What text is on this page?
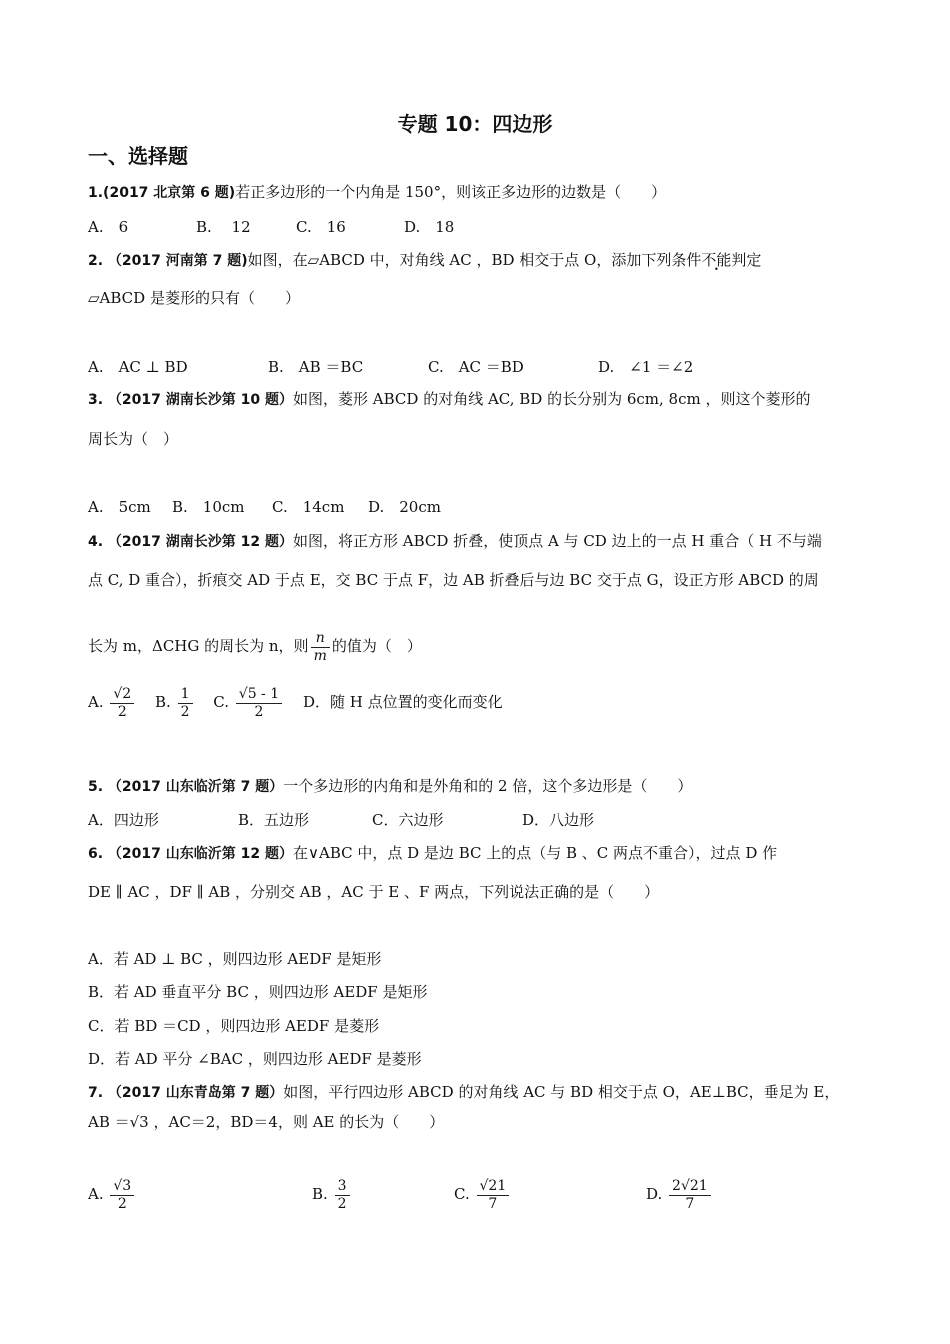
专题 10：四边形
一、选择题
1.(2017 北京第 6 题)若正多边形的一个内角是 150°，则该正多边形的边数是（　　）
A.　6	B.　 12	C.　16	D.　18
2. （2017 河南第 7 题)如图，在▱ABCD 中，对角线 AC ，BD 相交于点 O，添加下列条件不能判定
▱ABCD 是菱形的只有（　　）
A.　AC ⊥ BD	B.　AB ＝BC	C.　AC ＝BD	D.　∠1 ＝∠2
3. （2017 湖南长沙第 10 题）如图，菱形 ABCD 的对角线 AC, BD 的长分别为 6cm, 8cm ，则这个菱形的
周长为（　）
A.　5cm B.　10cm C.　14cm D.　20cm
4. （2017 湖南长沙第 12 题）如图，将正方形 ABCD 折叠，使顶点 A 与 CD 边上的一点 H 重合（ H 不与端
点 C, D 重合），折痕交 AD 于点 E，交 BC 于点 F，边 AB 折叠后与边 BC 交于点 G，设正方形 ABCD 的周
长为 m，ΔCHG 的周长为 n，则 $\frac{n}{m}$ 的值为（　）
A. $\frac{√2}{2} B$. $\frac{1}{2} C$. $\frac{√5 - 1}{2}$ D．随 H 点位置的变化而变化
5. （2017 山东临沂第 7 题）一个多边形的内角和是外角和的 2 倍，这个多边形是（　　）
A．四边形	B．五边形	C．六边形	D．八边形
6. （2017 山东临沂第 12 题）在∨ABC 中，点 D 是边 BC 上的点（与 B 、C 两点不重合），过点 D 作
DE ∥ AC ，DF ∥ AB ，分别交 AB ，AC 于 E 、F 两点，下列说法正确的是（　　）
A．若 AD ⊥ BC ，则四边形 AEDF 是矩形
B．若 AD 垂直平分 BC ，则四边形 AEDF 是矩形
C．若 BD ＝CD ，则四边形 AEDF 是菱形
D．若 AD 平分 ∠BAC ，则四边形 AEDF 是菱形
7. （2017 山东青岛第 7 题）如图，平行四边形 ABCD 的对角线 AC 与 BD 相交于点 O，AE⊥BC，垂足为 E，
AB ＝√3 ，AC＝2，BD＝4，则 AE 的长为（　　）
A. $\frac{√3}{2}$	B. $\frac{3}{2}$	C. $\frac{√21}{7}$	D. $\frac{2√21}{7}$
